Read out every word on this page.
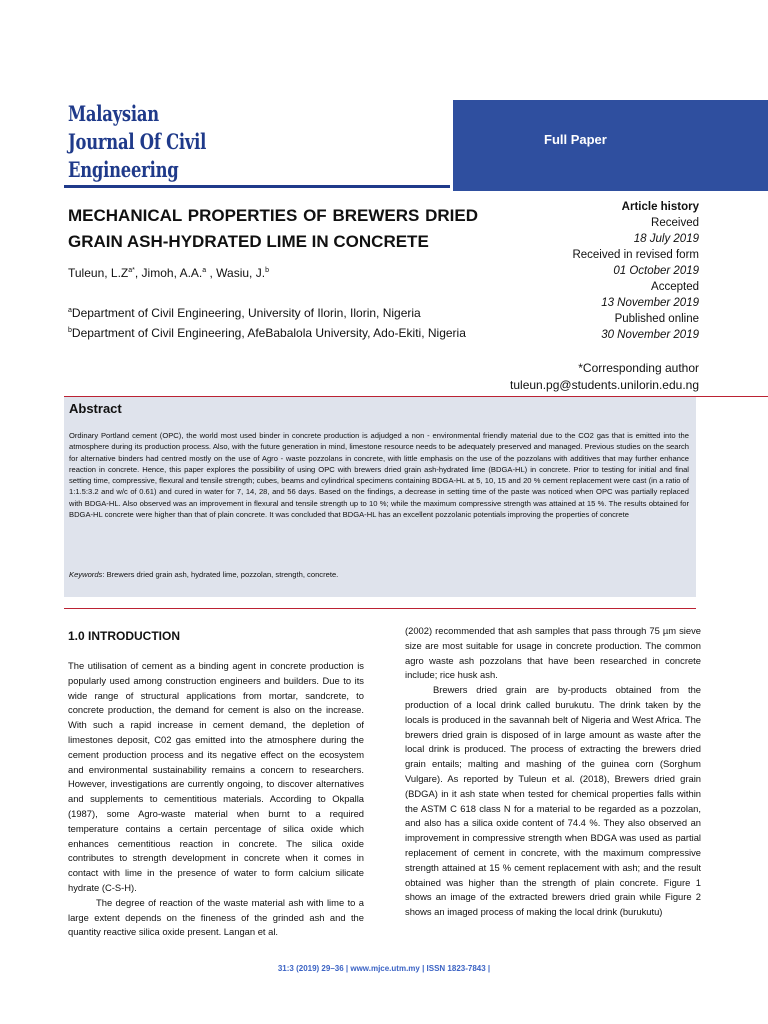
Malaysian
Journal Of Civil
Engineering
Full Paper
MECHANICAL PROPERTIES OF BREWERS DRIED
GRAIN ASH-HYDRATED LIME IN CONCRETE
Tuleun, $L.Z^{a*}$, Jimoh, A.A.$^a$ , Wasiu, J.$^b$
$^a$Department of Civil Engineering, University of Ilorin, Ilorin, Nigeria
$^b$Department of Civil Engineering, AfeBabalola University, Ado-Ekiti, Nigeria
Article history
Received
18 July 2019
Received in revised form
01 October 2019
Accepted
13 November 2019
Published online
30 November 2019
*Corresponding author
tuleun.pg@students.unilorin.edu.ng
Abstract
Ordinary Portland cement (OPC), the world most used binder in concrete production is adjudged a non - environmental friendly material due to the CO2 gas that is emitted into the atmosphere during its production process. Also, with the future generation in mind, limestone resource needs to be adequately preserved and managed. Previous studies on the search for alternative binders had centred mostly on the use of Agro - waste pozzolans in concrete, with little emphasis on the use of the pozzolans with additives that may further enhance reaction in concrete. Hence, this paper explores the possibility of using OPC with brewers dried grain ash-hydrated lime (BDGA-HL) in concrete. Prior to testing for initial and final setting time, compressive, flexural and tensile strength; cubes, beams and cylindrical specimens containing BDGA-HL at 5, 10, 15 and 20 % cement replacement were cast (in a ratio of 1:1.5:3.2 and w/c of 0.61) and cured in water for 7, 14, 28, and 56 days. Based on the findings, a decrease in setting time of the paste was noticed when OPC was partially replaced with BDGA-HL. Also observed was an improvement in flexural and tensile strength up to 10 %; while the maximum compressive strength was attained at 15 %. The results obtained for BDGA-HL concrete were higher than that of plain concrete. It was concluded that BDGA-HL has an excellent pozzolanic potentials improving the properties of concrete
Keywords: Brewers dried grain ash, hydrated lime, pozzolan, strength, concrete.
1.0 INTRODUCTION

The utilisation of cement as a binding agent in concrete production is popularly used among construction engineers and builders. Due to its wide range of structural applications from mortar, sandcrete, to concrete production, the demand for cement is also on the increase. With such a rapid increase in cement demand, the depletion of limestones deposit, C02 gas emitted into the atmosphere during the cement production process and its negative effect on the ecosystem and environmental sustainability remains a concern to researchers. However, investigations are currently ongoing, to discover alternatives and supplements to cementitious materials. According to Okpalla (1987), some Agro-waste material when burnt to a required temperature contains a certain percentage of silica oxide which enhances cementitious reaction in concrete. The silica oxide contributes to strength development in concrete when it comes in contact with lime in the presence of water to form calcium silicate hydrate (C-S-H).

The degree of reaction of the waste material ash with lime to a large extent depends on the fineness of the grinded ash and the quantity reactive silica oxide present. Langan et al.

(2002) recommended that ash samples that pass through 75 µm sieve size are most suitable for usage in concrete production. The common agro waste ash pozzolans that have been researched in concrete include; rice husk ash.

Brewers dried grain are by-products obtained from the production of a local drink called burukutu. The drink taken by the locals is produced in the savannah belt of Nigeria and West Africa. The brewers dried grain is disposed of in large amount as waste after the local drink is produced. The process of extracting the brewers dried grain entails; malting and mashing of the guinea corn (Sorghum Vulgare). As reported by Tuleun et al. (2018), Brewers dried grain (BDGA) in it ash state when tested for chemical properties falls within the ASTM C 618 class N for a material to be regarded as a pozzolan, and also has a silica oxide content of 74.4 %. They also observed an improvement in compressive strength when BDGA was used as partial replacement of cement in concrete, with the maximum compressive strength attained at 15 % cement replacement with ash; and the result obtained was higher than the strength of plain concrete. Figure 1 shows an image of the extracted brewers dried grain while Figure 2 shows an imaged process of making the local drink (burukutu)

31:3 (2019) 29–36 | www.mjce.utm.my | ISSN 1823-7843 |
